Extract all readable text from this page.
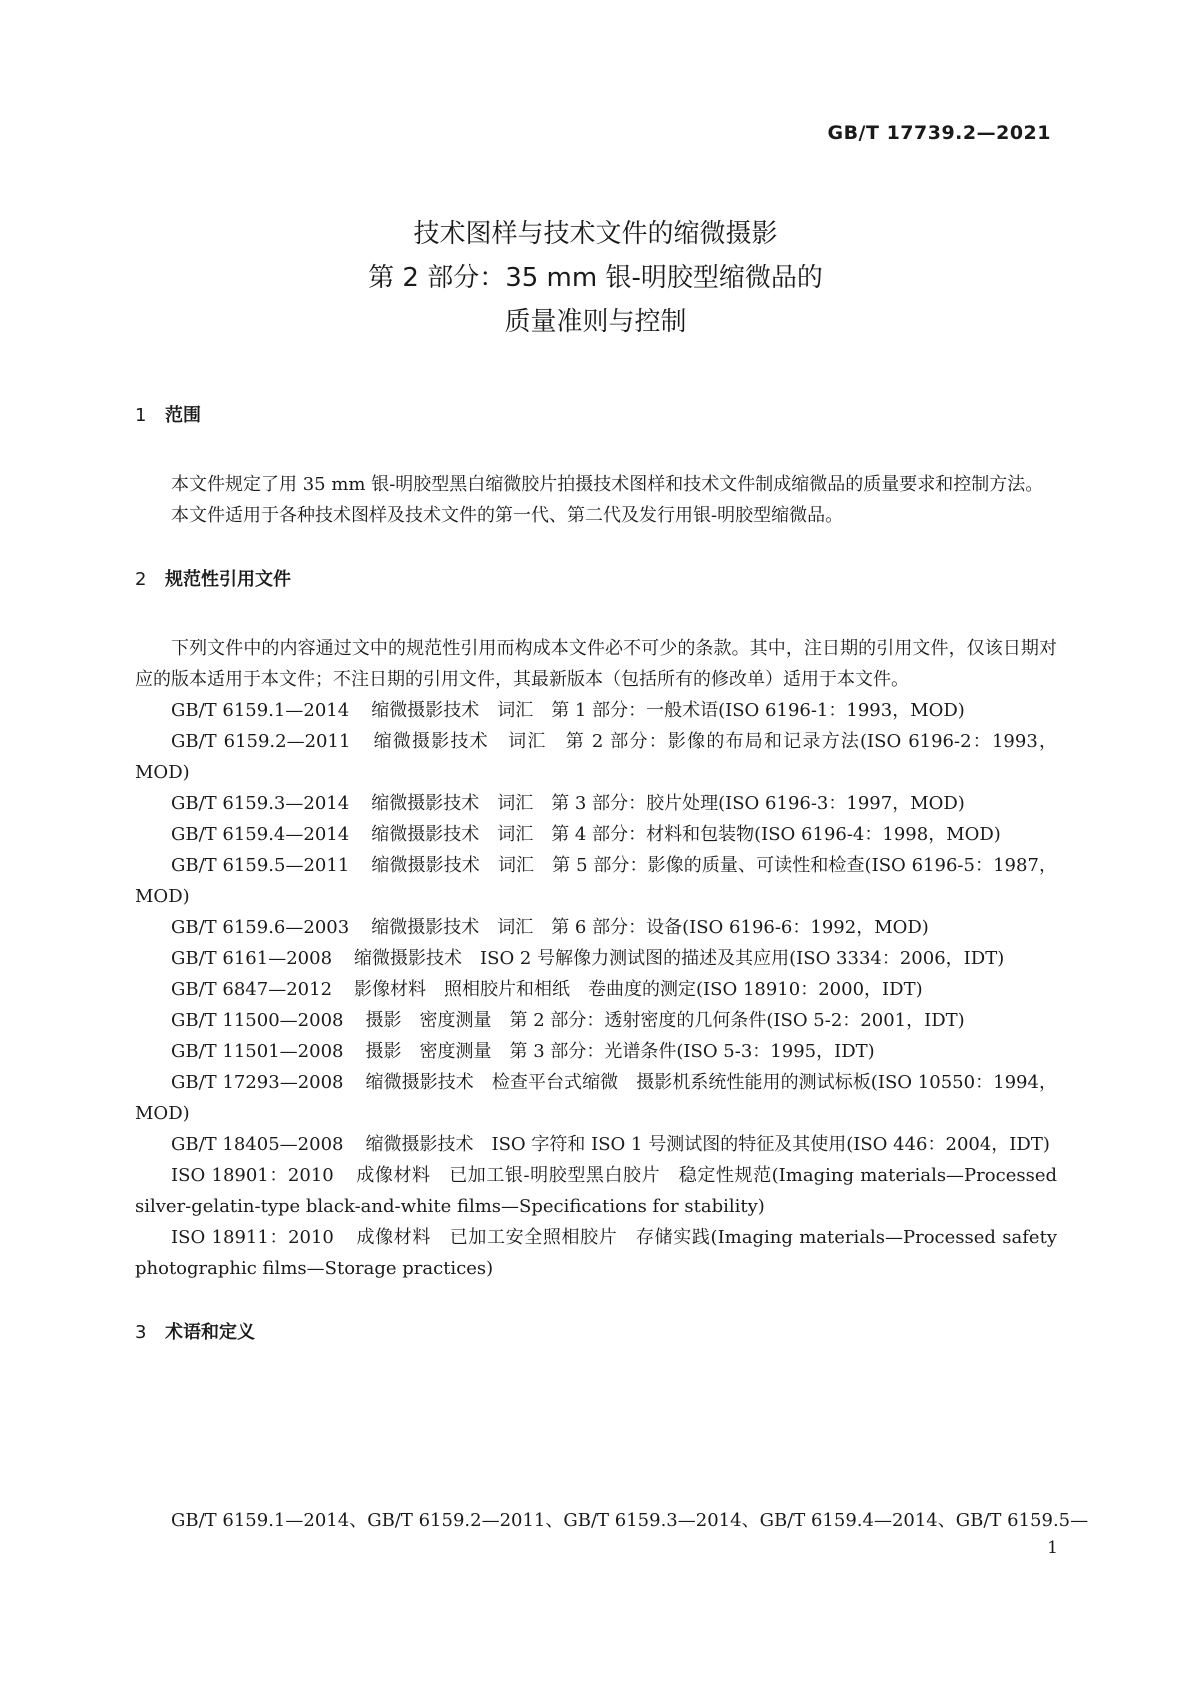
GB/T 17739.2—2021
技术图样与技术文件的缩微摄影
第 2 部分：35 mm 银-明胶型缩微品的
质量准则与控制
1 范围

本文件规定了用 35 mm 银-明胶型黑白缩微胶片拍摄技术图样和技术文件制成缩微品的质量要求和控制方法。

本文件适用于各种技术图样及技术文件的第一代、第二代及发行用银-明胶型缩微品。

2 规范性引用文件

下列文件中的内容通过文中的规范性引用而构成本文件必不可少的条款。其中，注日期的引用文件，仅该日期对应的版本适用于本文件；不注日期的引用文件，其最新版本（包括所有的修改单）适用于本文件。

GB/T 6159.1—2014 缩微摄影技术　词汇　第 1 部分：一般术语(ISO 6196-1：1993，MOD)
GB/T 6159.2—2011 缩微摄影技术　词汇　第 2 部分：影像的布局和记录方法(ISO 6196-2：1993，MOD)
GB/T 6159.3—2014 缩微摄影技术　词汇　第 3 部分：胶片处理(ISO 6196-3：1997，MOD)
GB/T 6159.4—2014 缩微摄影技术　词汇　第 4 部分：材料和包装物(ISO 6196-4：1998，MOD)
GB/T 6159.5—2011 缩微摄影技术　词汇　第 5 部分：影像的质量、可读性和检查(ISO 6196-5：1987，MOD)
GB/T 6159.6—2003 缩微摄影技术　词汇　第 6 部分：设备(ISO 6196-6：1992，MOD)
GB/T 6161—2008 缩微摄影技术　ISO 2 号解像力测试图的描述及其应用(ISO 3334：2006，IDT)
GB/T 6847—2012 影像材料　照相胶片和相纸　卷曲度的测定(ISO 18910：2000，IDT)
GB/T 11500—2008 摄影　密度测量　第 2 部分：透射密度的几何条件(ISO 5-2：2001，IDT)
GB/T 11501—2008 摄影　密度测量　第 3 部分：光谱条件(ISO 5-3：1995，IDT)
GB/T 17293—2008 缩微摄影技术　检查平台式缩微　摄影机系统性能用的测试标板(ISO 10550：1994，MOD)
GB/T 18405—2008 缩微摄影技术　ISO 字符和 ISO 1 号测试图的特征及其使用(ISO 446：2004，IDT)
ISO 18901：2010 成像材料　已加工银-明胶型黑白胶片　稳定性规范(Imaging materials—Processed silver-gelatin-type black-and-white films—Specifications for stability)
ISO 18911：2010 成像材料　已加工安全照相胶片　存储实践(Imaging materials—Processed safety photographic films—Storage practices)
3 术语和定义
GB/T 6159.1—2014、GB/T 6159.2—2011、GB/T 6159.3—2014、GB/T 6159.4—2014、GB/T 6159.5—
1
